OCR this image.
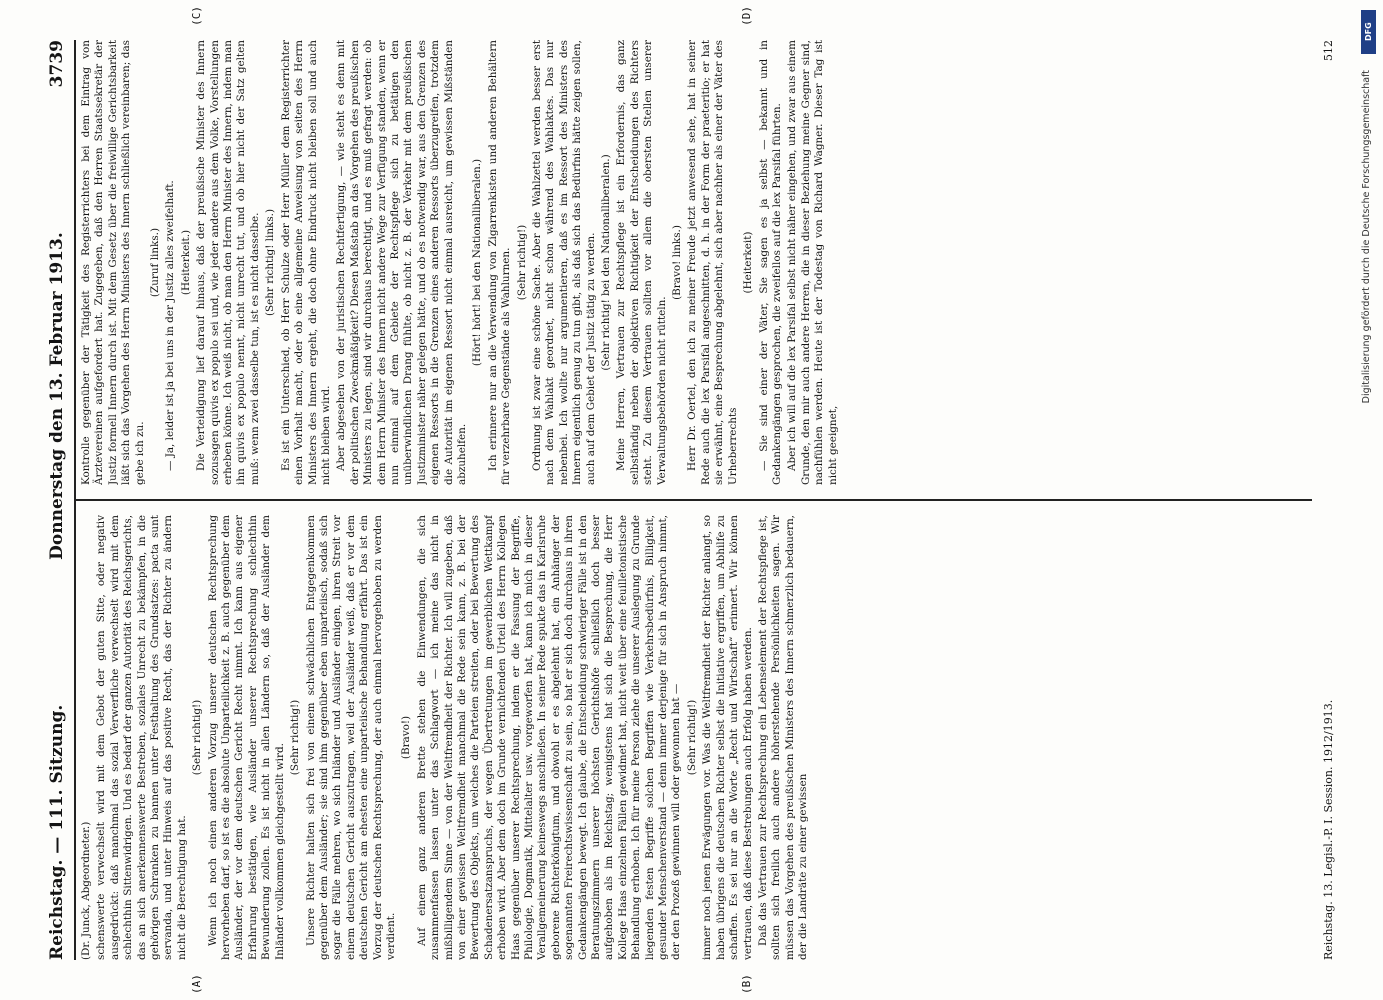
Reichstag. — 111. Sitzung.
Donnerstag den 13. Februar 1913.
3739

(Dr. Junck, Abgeordneter.) schenswerte verwechselt wird mit dem Gebot der guten Sitte, oder negativ ausgedrückt: daß manchmal das sozial Verwerfliche verwechselt wird mit dem schlechthin Sittenwidrigen. Und es bedarf der ganzen Autorität des Reichsgerichts, das an sich anerkennenswerte Bestreben, soziales Unrecht zu bekämpfen, in die gehörigen Schranken zu bannen unter Festhaltung des Grundsatzes: pacta sunt servanda, und unter Hinweis auf das positive Recht, das der Richter zu ändern nicht die Berechtigung hat.

(Sehr richtig!) Wenn ich noch einen anderen Vorzug unserer deutschen Rechtsprechung hervorheben darf, so ist es die absolute Unparteilichkeit z. B. auch gegenüber dem Ausländer, der vor dem deutschen Gericht Recht nimmt. Ich kann aus eigener Erfahrung bestätigen, wie Ausländer unserer Rechtsprechung schlechthin Bewunderung zollen. Es ist nicht in allen Ländern so, daß der Ausländer dem Inländer vollkommen gleichgestellt wird.

(Sehr richtig!) Unsere Richter halten sich frei von einem schwächlichen Entgegenkommen gegenüber dem Ausländer; sie sind ihm gegenüber eben unparteiisch, sodaß sich sogar die Fälle mehren, wo sich Inländer und Ausländer einigen, ihren Streit vor einem deutschen Gericht auszutragen, weil der Ausländer weiß, daß er vor dem deutschen Gericht am ehesten eine unparteiische Behandlung erfährt. Das ist ein Vorzug der deutschen Rechtsprechung, der auch einmal hervorgehoben zu werden verdient.

(Bravo!) Auf einem ganz anderen Brette stehen die Einwendungen, die sich zusammenfassen lassen unter das Schlagwort — ich meine das nicht in mißbilligendem Sinne — von der Weltfremdheit der Richter. Ich will zugeben, daß von einer gewissen Weltfremdheit manchmal die Rede sein kann, z. B. bei der Bewertung des Objekts, um welches die Parteien streiten, oder bei Bewertung des Schadenersatzanspruchs, der wegen Übertretungen im gewerblichen Wettkampf erhoben wird. Aber dem doch im Grunde vernichtenden Urteil des Herrn Kollegen Haas gegenüber unserer Rechtsprechung, indem er die Fassung der Begriffe, Philologie, Dogmatik, Mittelalter usw. vorgeworfen hat, kann ich mich in dieser Verallgemeinerung keineswegs anschließen. In seiner Rede spukte das in Karlsruhe geborene Richterkönigtum, und obwohl er es abgelehnt hat, ein Anhänger der sogenannten Freirechtswissenschaft zu sein, so hat er sich doch durchaus in ihren Gedankengängen bewegt. Ich glaube, die Entscheidung schwieriger Fälle ist in den Beratungszimmern unserer höchsten Gerichtshöfe schließlich doch besser aufgehoben als im Reichstag; wenigstens hat sich die Besprechung, die Herr Kollege Haas einzelnen Fällen gewidmet hat, nicht weit über eine feuilletonistische Behandlung erhoben. Ich für meine Person ziehe die unserer Auslegung zu Grunde liegenden festen Begriffe solchen Begriffen wie Verkehrsbedürfnis, Billigkeit, gesunder Menschenverstand — denn immer derjenige für sich in Anspruch nimmt, der den Prozeß gewinnen will oder gewonnen hat — (Sehr richtig!) immer noch jenen Erwägungen vor. Was die Weltfremdheit der Richter anlangt, so haben übrigens die deutschen Richter selbst die Initiative ergriffen, um Abhilfe zu schaffen. Es sei nur an die Worte „Recht und Wirtschaft“ erinnert. Wir können vertrauen, daß diese Bestrebungen auch Erfolg haben werden. Daß das Vertrauen zur Rechtsprechung ein Lebenselement der Rechtspflege ist, sollten sich freilich auch andere höherstehende Persönlichkeiten sagen. Wir müssen das Vorgehen des preußischen Ministers des Innern schmerzlich bedauern, der die Landräte zu einer gewissen

Kontrolle gegenüber der Tätigkeit des Registerrichters bei dem Eintrag von Ärztevereinen aufgefordert hat. Zugegeben, daß den Herren Staatssekretär der Justiz formell Innern durch ist. Mit dem Gesetz über die freiwillige Gerichtsbarkeit läßt sich das Vorgehen des Herrn Ministers des Innern schließlich vereinbaren; das gebe ich zu.

(Zuruf links.) — Ja, leider ist ja bei uns in der Justiz alles zweifelhaft. (Heiterkeit.) Die Verteidigung lief darauf hinaus, daß der preußische Minister des Innern sozusagen quivis ex populo sei und, wie jeder andere aus dem Volke, Vorstellungen erheben könne. Ich weiß nicht, ob man den Herrn Minister des Innern, indem man ihn quivis ex populo nennt, nicht unrecht tut, und ob hier nicht der Satz gelten muß: wenn zwei dasselbe tun, ist es nicht dasselbe. (Sehr richtig! links.) Es ist ein Unterschied, ob Herr Schulze oder Herr Müller dem Registerrichter einen Vorhalt macht, oder ob eine allgemeine Anweisung von seiten des Herrn Ministers des Innern ergeht, die doch ohne Eindruck nicht bleiben soll und auch nicht bleiben wird. Aber abgesehen von der juristischen Rechtfertigung, — wie steht es denn mit der politischen Zweckmäßigkeit? Diesen Maßstab an das Vorgehen des preußischen Ministers zu legen, sind wir durchaus berechtigt, und es muß gefragt werden: ob dem Herrn Minister des Innern nicht andere Wege zur Verfügung standen, wenn er nun einmal auf dem Gebiete der Rechtspflege sich zu betätigen den unüberwindlichen Drang fühlte, ob nicht z. B. der Verkehr mit dem preußischen Justizminister näher gelegen hätte, und ob es notwendig war, aus den Grenzen des eigenen Ressorts in die Grenzen eines anderen Ressorts überzugreifen, trotzdem die Autorität im eigenen Ressort nicht einmal ausreicht, um gewissen Mißständen abzuhelfen.

(Hört! hört! bei den Nationalliberalen.) Ich erinnere nur an die Verwendung von Zigarrenkisten und anderen Behältern für verzehrbare Gegenstände als Wahlurnen. (Sehr richtig!) Ordnung ist zwar eine schöne Sache. Aber die Wahlzettel werden besser erst nach dem Wahlakt geordnet, nicht schon während des Wahlaktes. Das nur nebenbei. Ich wollte nur argumentieren, daß es im Ressort des Ministers des Innern eigentlich genug zu tun gibt, als daß sich das Bedürfnis hätte zeigen sollen, auch auf dem Gebiet der Justiz tätig zu werden. (Sehr richtig! bei den Nationalliberalen.) Meine Herren, Vertrauen zur Rechtspflege ist ein Erfordernis, das ganz selbständig neben der objektiven Richtigkeit der Entscheidungen des Richters steht. Zu diesem Vertrauen sollten vor allem die obersten Stellen unserer Verwaltungsbehörden nicht rütteln.

(Bravo! links.) Herr Dr. Oertel, den ich zu meiner Freude jetzt anwesend sehe, hat in seiner Rede auch die lex Parsifal angeschnitten, d. h. in der Form der praeteritio; er hat sie erwähnt, eine Besprechung abgelehnt, sich aber nachher als einer der Väter des Urheberrechts

(Heiterkeit) — Sie sind einer der Väter, Sie sagen es ja selbst — bekannt und in Gedankengängen gesprochen, die zweifellos auf die lex Parsifal führten. Aber ich will auf die lex Parsifal selbst nicht näher eingehen, und zwar aus einem Grunde, den mir auch andere Herren, die in dieser Beziehung meine Gegner sind, nachfühlen werden. Heute ist der Todestag von Richard Wagner. Dieser Tag ist nicht geeignet,

Reichstag. 13. Legisl.-P. I. Session. 1912/1913.
512
(A)	(B)
(C)	(D)
DFG
Digitalisierung gefördert durch die Deutsche Forschungsgemeinschaft
